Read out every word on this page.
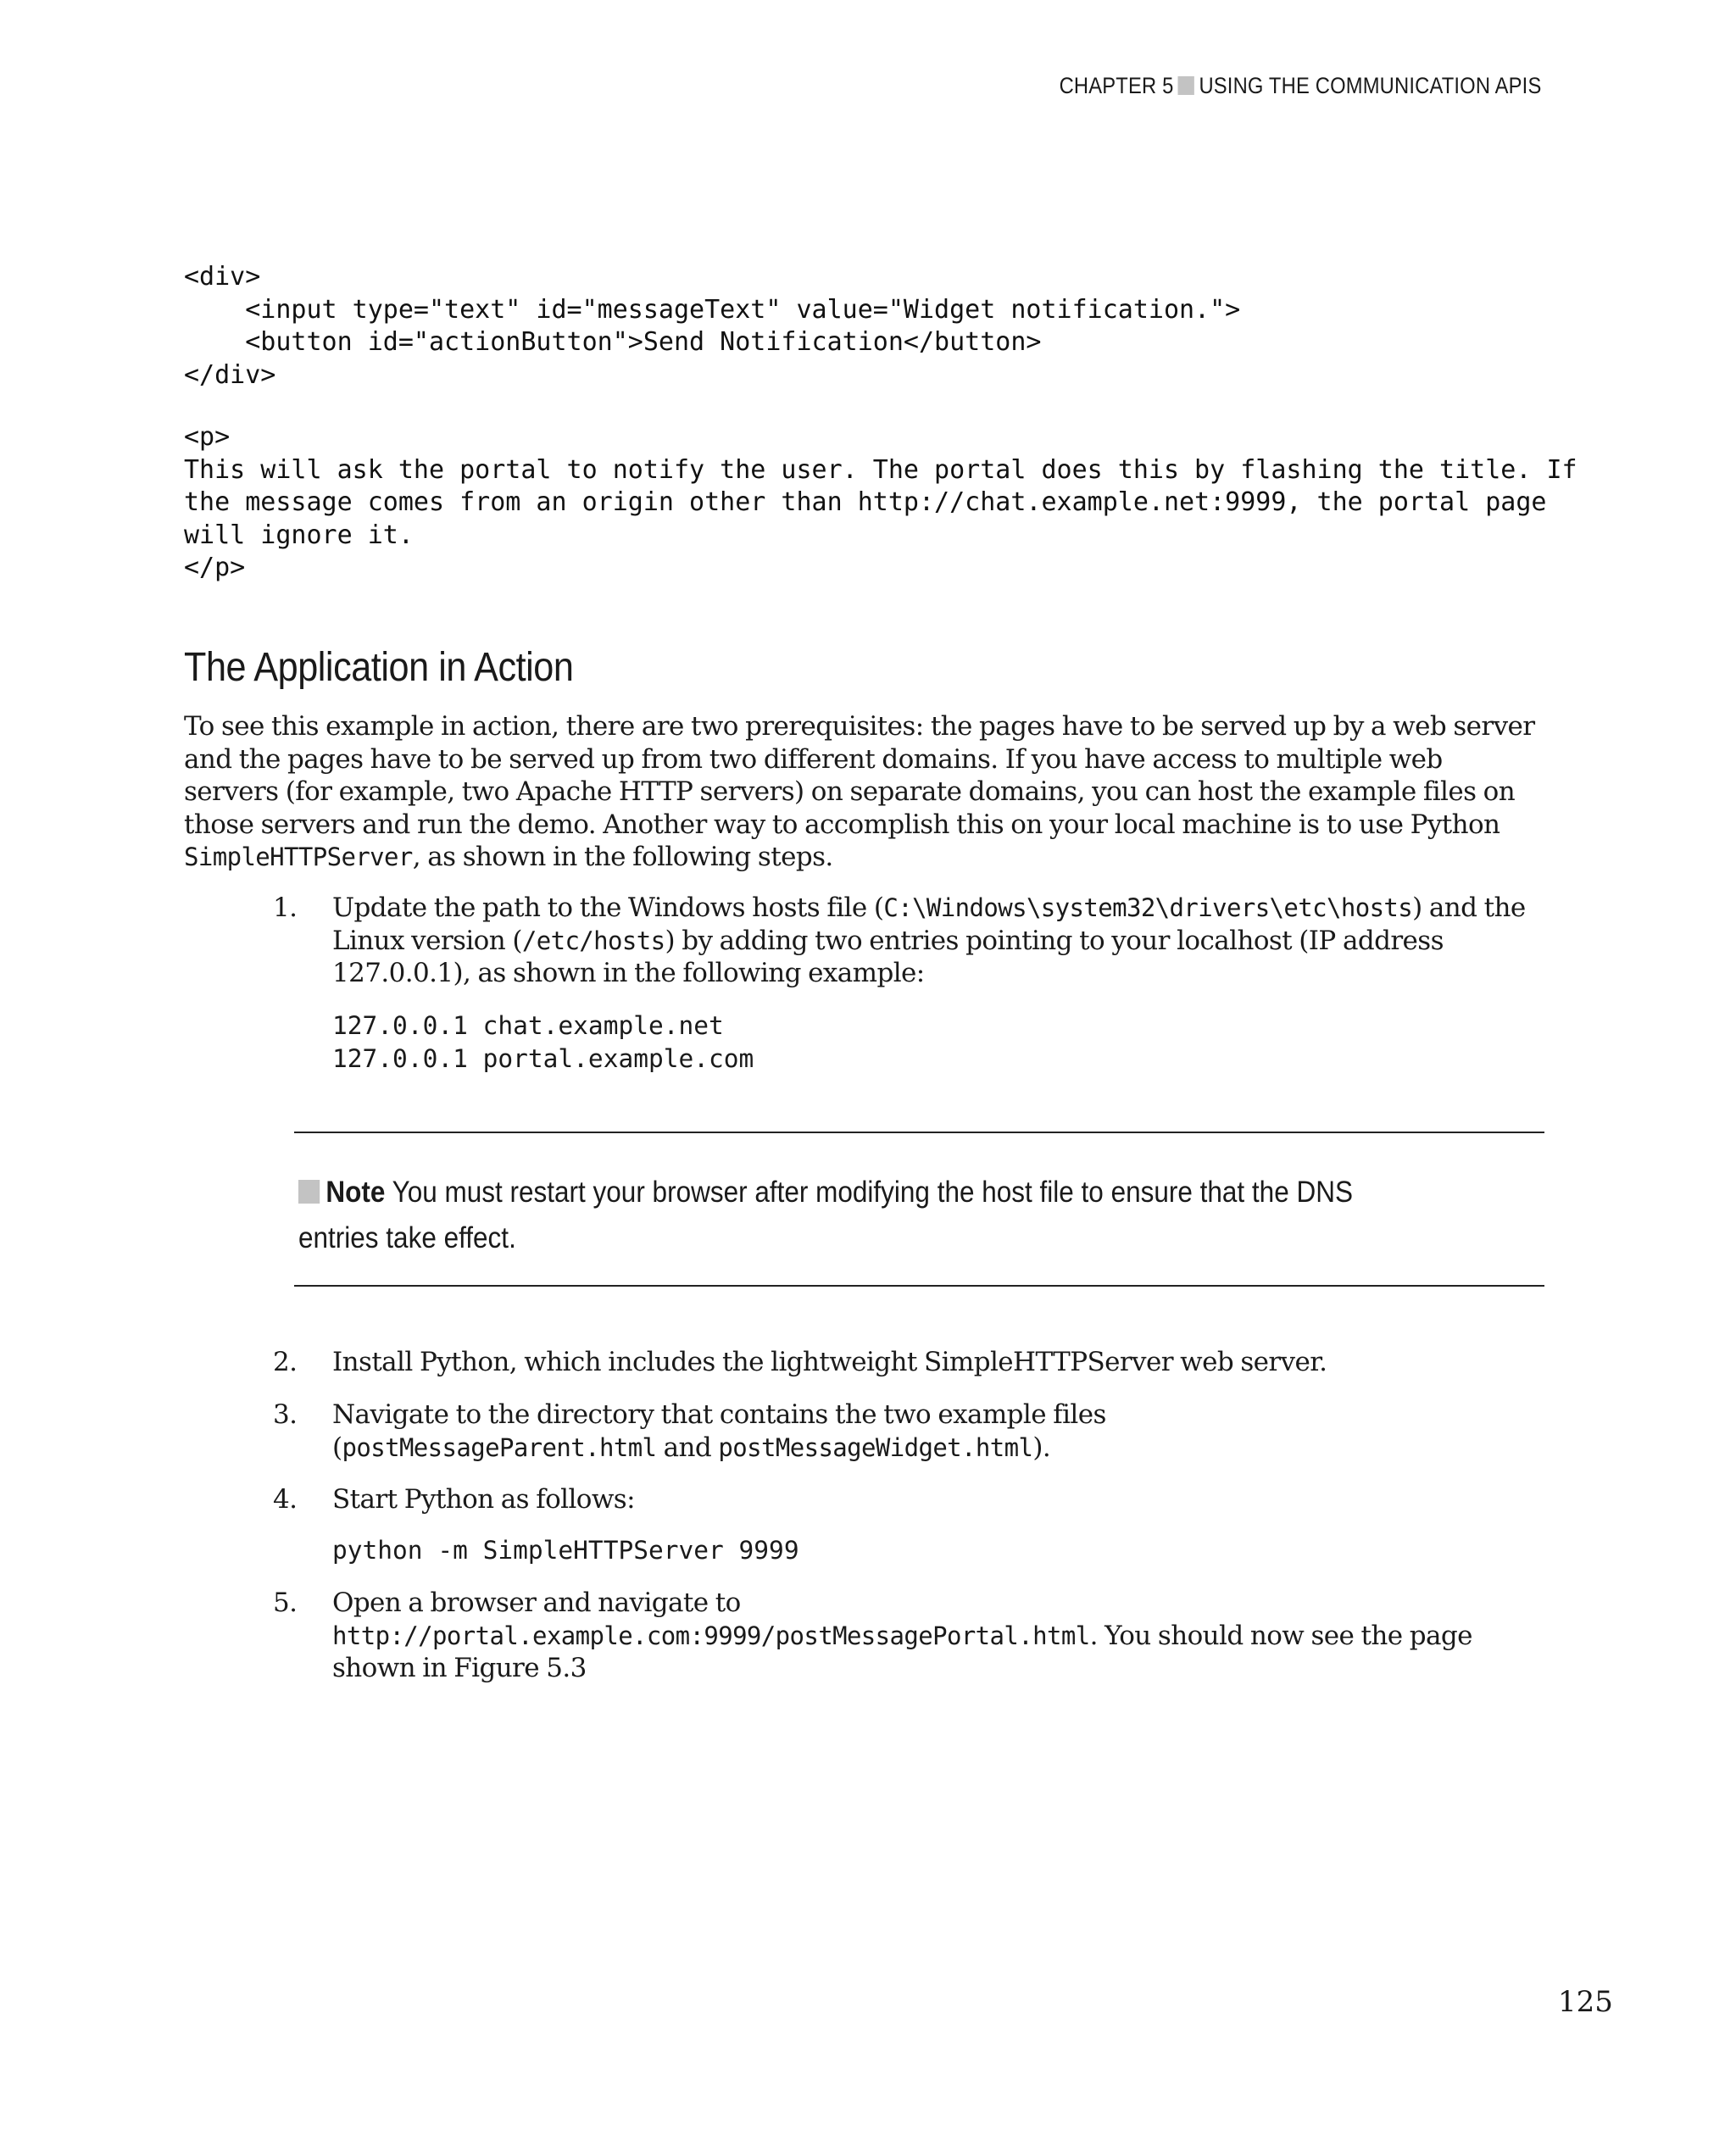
CHAPTER 5 USING THE COMMUNICATION APIS
<div>
<input type="text" id="messageText" value="Widget notification.">
<button id="actionButton">Send Notification</button>
</div>
<p>
This will ask the portal to notify the user. The portal does this by flashing the title. If
the message comes from an origin other than http://chat.example.net:9999, the portal page
will ignore it.
</p>
The Application in Action

To see this example in action, there are two prerequisites: the pages have to be served up by a web server and the pages have to be served up from two different domains. If you have access to multiple web servers (for example, two Apache HTTP servers) on separate domains, you can host the example files on those servers and run the demo. Another way to accomplish this on your local machine is to use Python SimpleHTTPServer, as shown in the following steps.

1.	Update the path to the Windows hosts file (C:\Windows\system32\drivers\etc\hosts) and the Linux version (/etc/hosts) by adding two entries pointing to your localhost (IP address 127.0.0.1), as shown in the following example:
127.0.0.1 chat.example.net
127.0.0.1 portal.example.com
Note You must restart your browser after modifying the host file to ensure that the DNS entries take effect.
2.	Install Python, which includes the lightweight SimpleHTTPServer web server.
3.	Navigate to the directory that contains the two example files (postMessageParent.html and postMessageWidget.html).
4.	Start Python as follows:
python -m SimpleHTTPServer 9999
5.	Open a browser and navigate to
http://portal.example.com:9999/postMessagePortal.html. You should now see the page shown in Figure 5.3
125
